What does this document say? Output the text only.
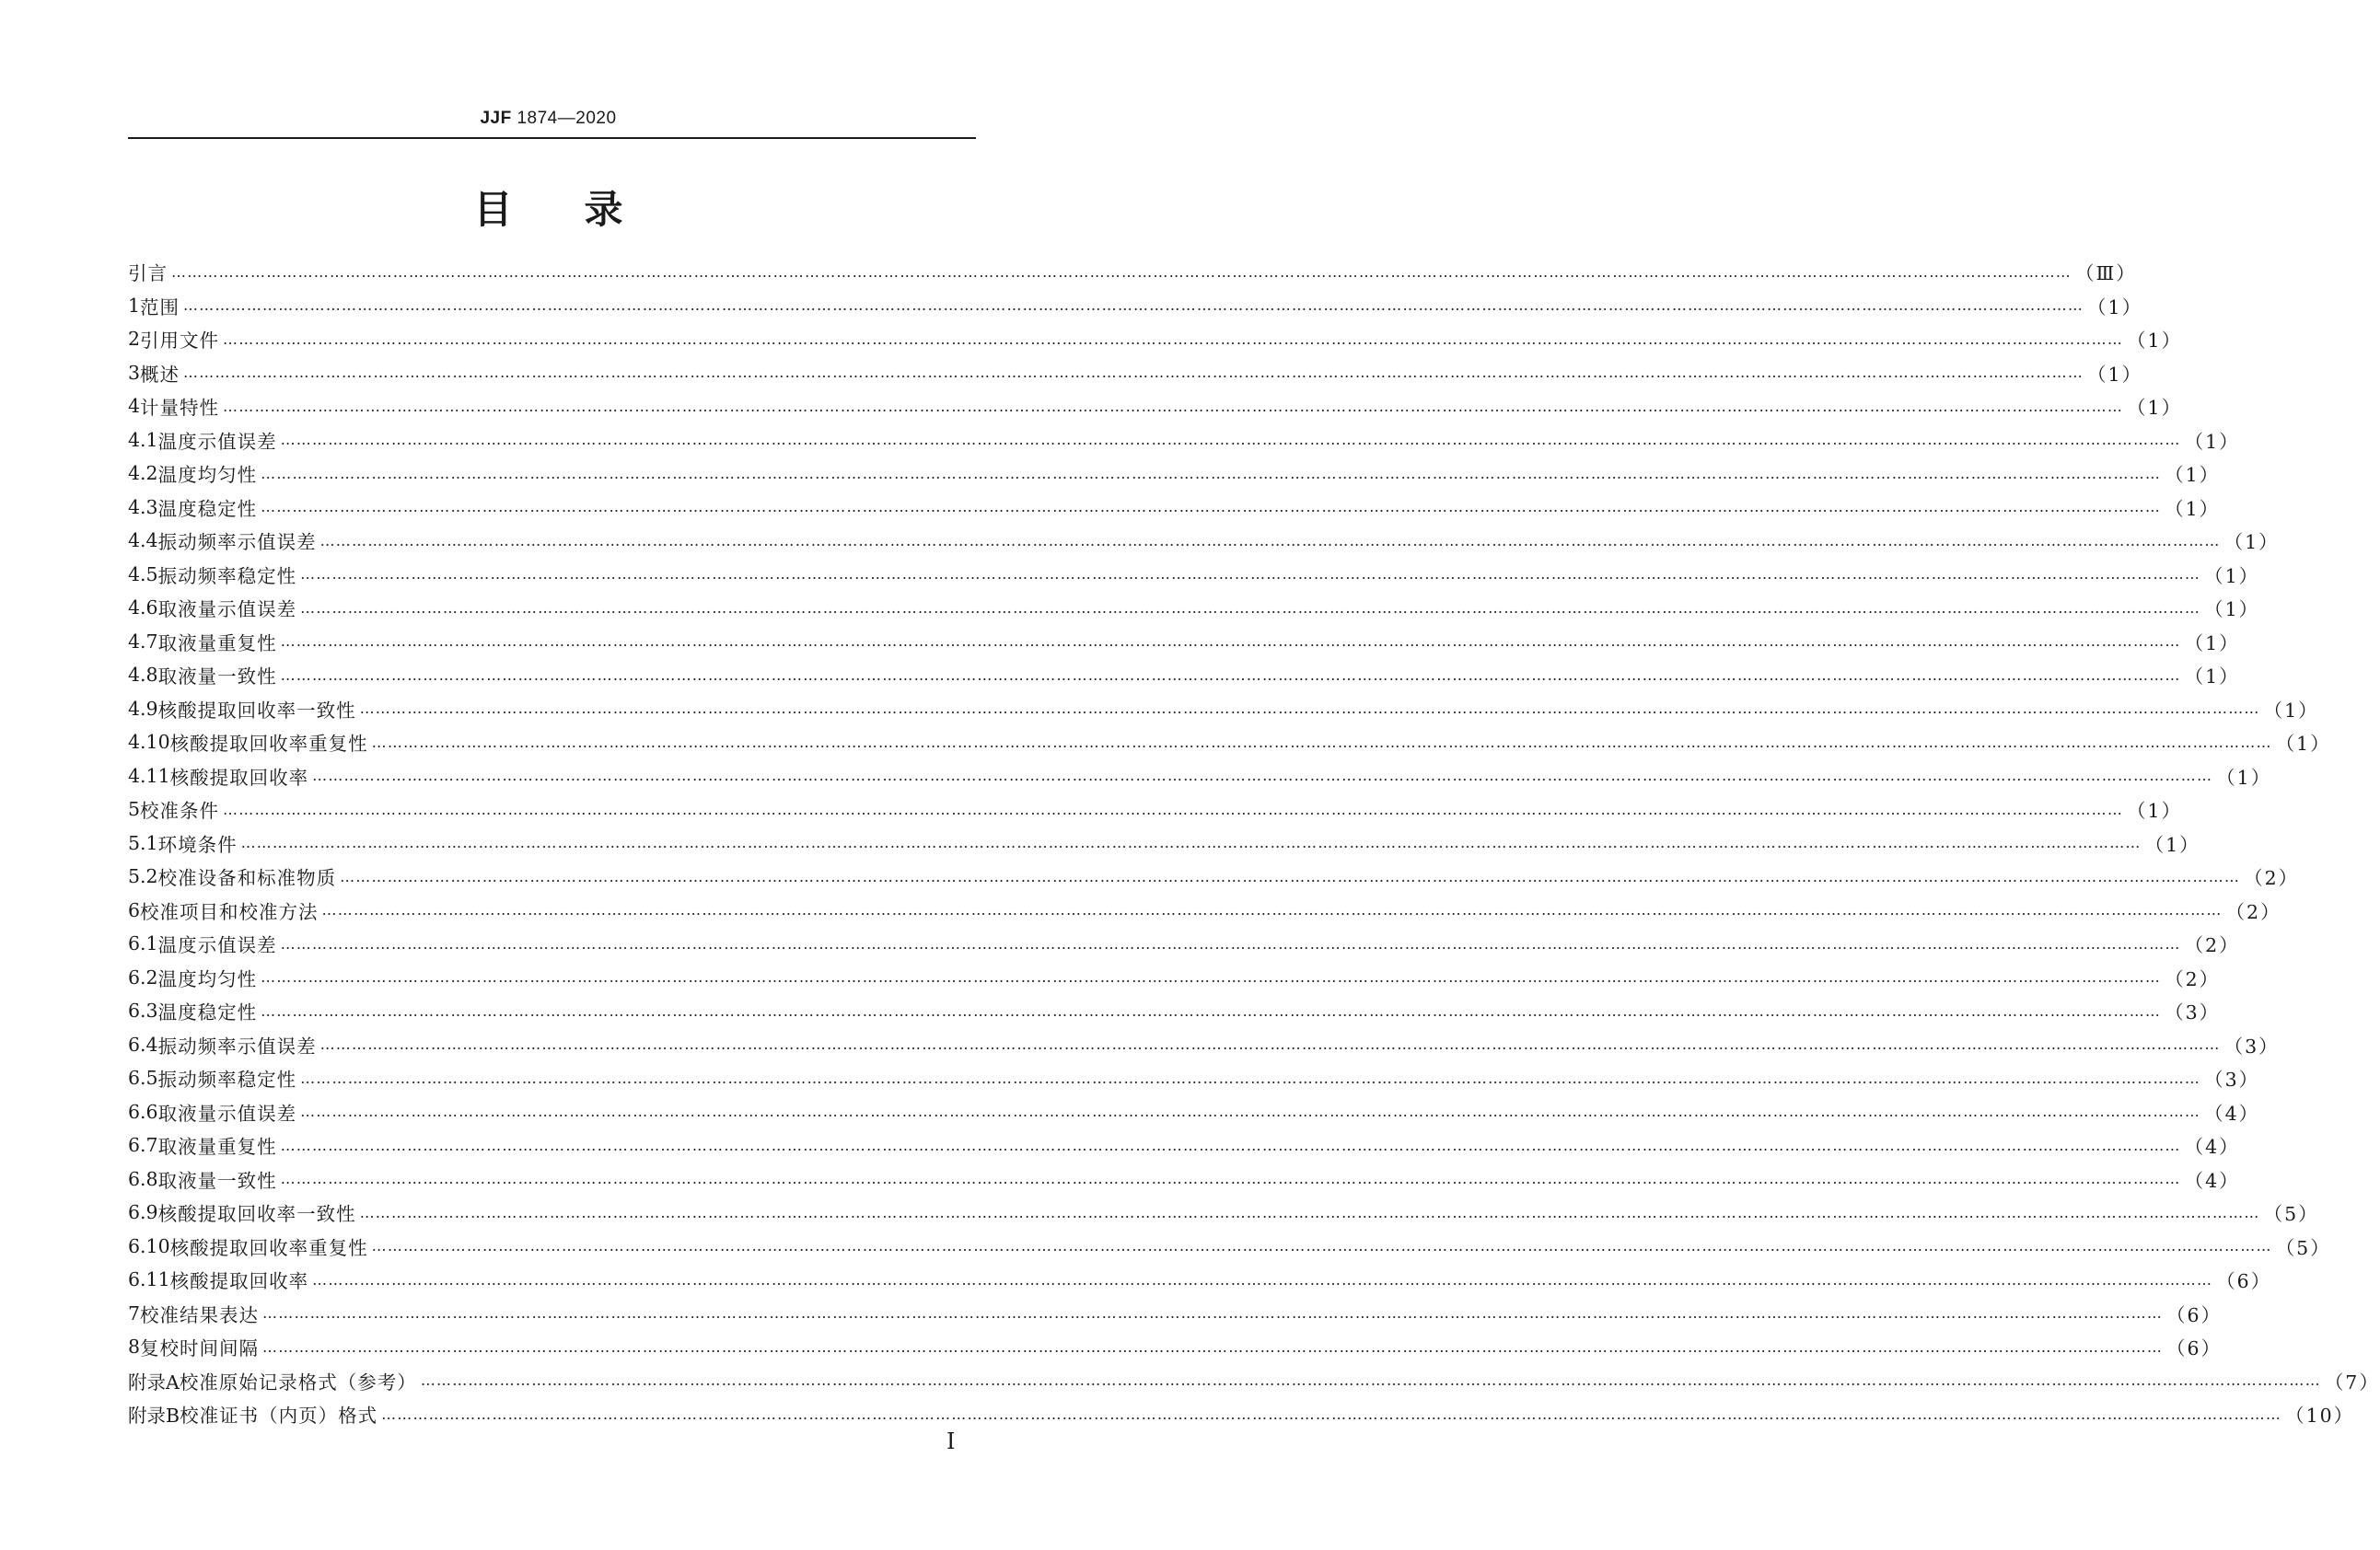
JJF 1874—2020
目录
引言 ……………………………………………………………………………………………………………………………………………………………………………………………………………………………………………………………………………………………………………………………… （Ⅲ）
1 范围 ……………………………………………………………………………………………………………………………………………………………………………………………………………………………………………………………………………………………………………………………… （1）
2 引用文件 ……………………………………………………………………………………………………………………………………………………………………………………………………………………………………………………………………………………………………………………………… （1）
3 概述 ……………………………………………………………………………………………………………………………………………………………………………………………………………………………………………………………………………………………………………………………… （1）
4 计量特性 ……………………………………………………………………………………………………………………………………………………………………………………………………………………………………………………………………………………………………………………………… （1）
4.1 温度示值误差 ……………………………………………………………………………………………………………………………………………………………………………………………………………………………………………………………………………………………………………………………… （1）
4.2 温度均匀性 ……………………………………………………………………………………………………………………………………………………………………………………………………………………………………………………………………………………………………………………………… （1）
4.3 温度稳定性 ……………………………………………………………………………………………………………………………………………………………………………………………………………………………………………………………………………………………………………………………… （1）
4.4 振动频率示值误差 ……………………………………………………………………………………………………………………………………………………………………………………………………………………………………………………………………………………………………………………………… （1）
4.5 振动频率稳定性 ……………………………………………………………………………………………………………………………………………………………………………………………………………………………………………………………………………………………………………………………… （1）
4.6 取液量示值误差 ……………………………………………………………………………………………………………………………………………………………………………………………………………………………………………………………………………………………………………………………… （1）
4.7 取液量重复性 ……………………………………………………………………………………………………………………………………………………………………………………………………………………………………………………………………………………………………………………………… （1）
4.8 取液量一致性 ……………………………………………………………………………………………………………………………………………………………………………………………………………………………………………………………………………………………………………………………… （1）
4.9 核酸提取回收率一致性 ……………………………………………………………………………………………………………………………………………………………………………………………………………………………………………………………………………………………………………………………… （1）
4.10 核酸提取回收率重复性 ……………………………………………………………………………………………………………………………………………………………………………………………………………………………………………………………………………………………………………………………… （1）
4.11 核酸提取回收率 ……………………………………………………………………………………………………………………………………………………………………………………………………………………………………………………………………………………………………………………………… （1）
5 校准条件 ……………………………………………………………………………………………………………………………………………………………………………………………………………………………………………………………………………………………………………………………… （1）
5.1 环境条件 ……………………………………………………………………………………………………………………………………………………………………………………………………………………………………………………………………………………………………………………………… （1）
5.2 校准设备和标准物质 ……………………………………………………………………………………………………………………………………………………………………………………………………………………………………………………………………………………………………………………………… （2）
6 校准项目和校准方法 ……………………………………………………………………………………………………………………………………………………………………………………………………………………………………………………………………………………………………………………………… （2）
6.1 温度示值误差 ……………………………………………………………………………………………………………………………………………………………………………………………………………………………………………………………………………………………………………………………… （2）
6.2 温度均匀性 ……………………………………………………………………………………………………………………………………………………………………………………………………………………………………………………………………………………………………………………………… （2）
6.3 温度稳定性 ……………………………………………………………………………………………………………………………………………………………………………………………………………………………………………………………………………………………………………………………… （3）
6.4 振动频率示值误差 ……………………………………………………………………………………………………………………………………………………………………………………………………………………………………………………………………………………………………………………………… （3）
6.5 振动频率稳定性 ……………………………………………………………………………………………………………………………………………………………………………………………………………………………………………………………………………………………………………………………… （3）
6.6 取液量示值误差 ……………………………………………………………………………………………………………………………………………………………………………………………………………………………………………………………………………………………………………………………… （4）
6.7 取液量重复性 ……………………………………………………………………………………………………………………………………………………………………………………………………………………………………………………………………………………………………………………………… （4）
6.8 取液量一致性 ……………………………………………………………………………………………………………………………………………………………………………………………………………………………………………………………………………………………………………………………… （4）
6.9 核酸提取回收率一致性 ……………………………………………………………………………………………………………………………………………………………………………………………………………………………………………………………………………………………………………………………… （5）
6.10 核酸提取回收率重复性 ……………………………………………………………………………………………………………………………………………………………………………………………………………………………………………………………………………………………………………………………… （5）
6.11 核酸提取回收率 ……………………………………………………………………………………………………………………………………………………………………………………………………………………………………………………………………………………………………………………………… （6）
7 校准结果表达 ……………………………………………………………………………………………………………………………………………………………………………………………………………………………………………………………………………………………………………………………… （6）
8 复校时间间隔 ……………………………………………………………………………………………………………………………………………………………………………………………………………………………………………………………………………………………………………………………… （6）
附录A 校准原始记录格式（参考） ……………………………………………………………………………………………………………………………………………………………………………………………………………………………………………………………………………………………………………………………… （7）
附录B 校准证书（内页）格式 ……………………………………………………………………………………………………………………………………………………………………………………………………………………………………………………………………………………………………………………………… （10）
Ⅰ
